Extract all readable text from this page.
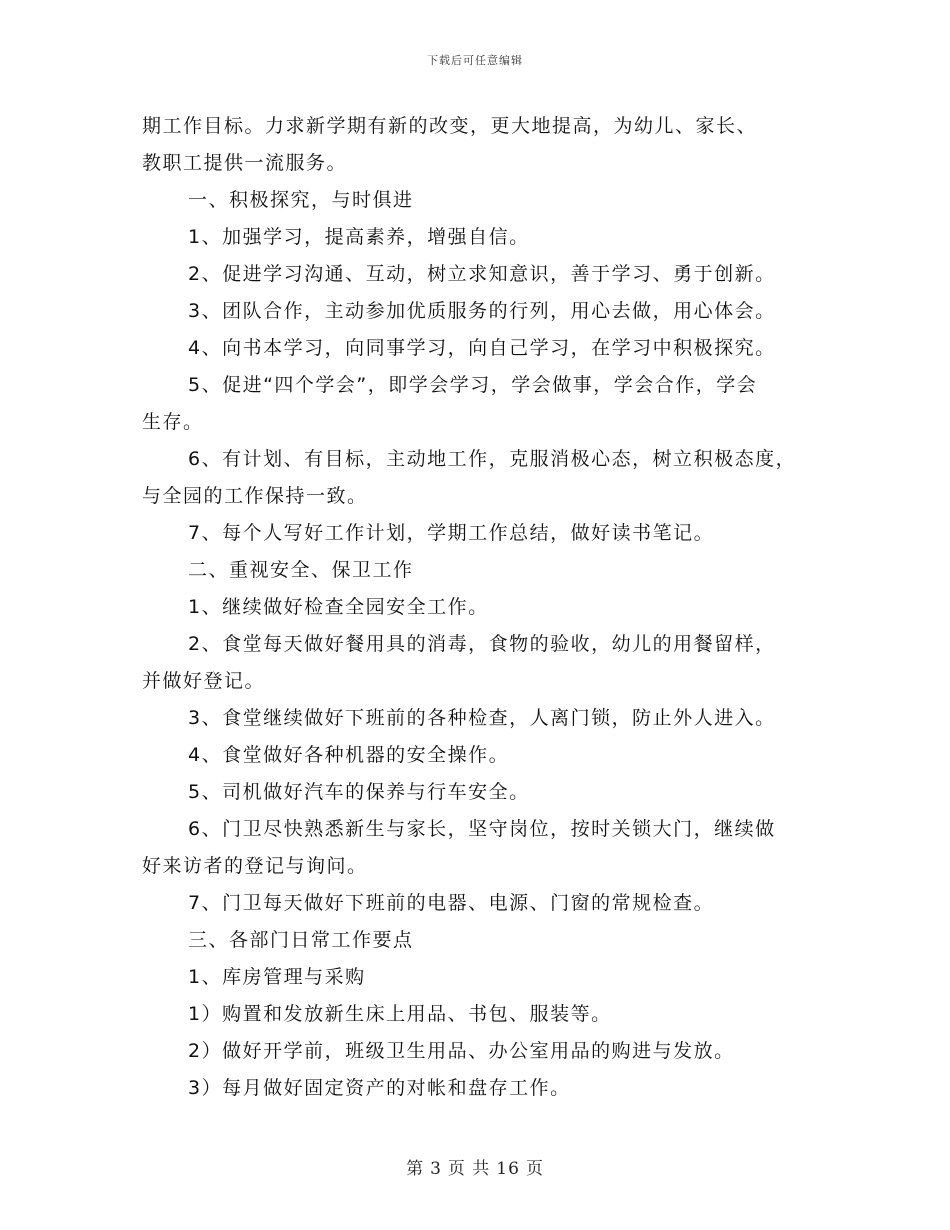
下载后可任意编辑
期工作目标。力求新学期有新的改变，更大地提高，为幼儿、家长、
教职工提供一流服务。
一、积极探究，与时俱进
1、加强学习，提高素养，增强自信。
2、促进学习沟通、互动，树立求知意识，善于学习、勇于创新。
3、团队合作，主动参加优质服务的行列，用心去做，用心体会。
4、向书本学习，向同事学习，向自己学习，在学习中积极探究。
5、促进“四个学会”，即学会学习，学会做事，学会合作，学会
生存。
6、有计划、有目标，主动地工作，克服消极心态，树立积极态度，
与全园的工作保持一致。
7、每个人写好工作计划，学期工作总结，做好读书笔记。
二、重视安全、保卫工作
1、继续做好检查全园安全工作。
2、食堂每天做好餐用具的消毒，食物的验收，幼儿的用餐留样，
并做好登记。
3、食堂继续做好下班前的各种检查，人离门锁，防止外人进入。
4、食堂做好各种机器的安全操作。
5、司机做好汽车的保养与行车安全。
6、门卫尽快熟悉新生与家长，坚守岗位，按时关锁大门，继续做
好来访者的登记与询问。
7、门卫每天做好下班前的电器、电源、门窗的常规检查。
三、各部门日常工作要点
1、库房管理与采购
1）购置和发放新生床上用品、书包、服装等。
2）做好开学前，班级卫生用品、办公室用品的购进与发放。
3）每月做好固定资产的对帐和盘存工作。
第 3 页 共 16 页
